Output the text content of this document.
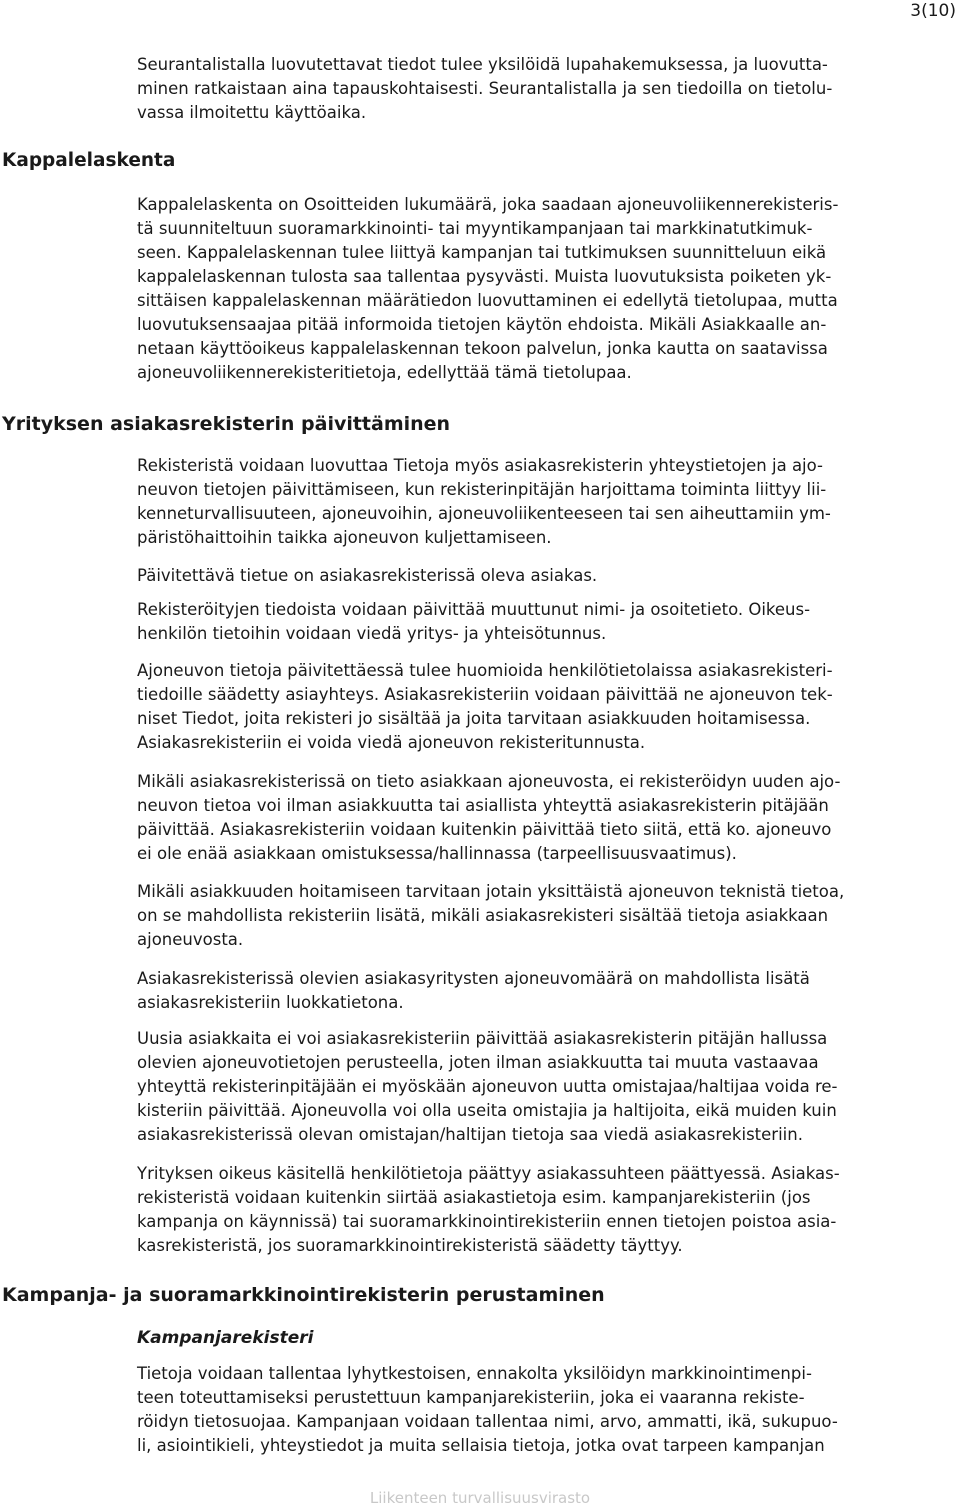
3(10)

Seurantalistalla luovutettavat tiedot tulee yksilöidä lupahakemuksessa, ja luovutta-
minen ratkaistaan aina tapauskohtaisesti. Seurantalistalla ja sen tiedoilla on tietolu-
vassa ilmoitettu käyttöaika.

Kappalelaskenta

Kappalelaskenta on Osoitteiden lukumäärä, joka saadaan ajoneuvoliikennerekisteris-
tä suunniteltuun suoramarkkinointi- tai myyntikampanjaan tai markkinatutkimuk-
seen. Kappalelaskennan tulee liittyä kampanjan tai tutkimuksen suunnitteluun eikä
kappalelaskennan tulosta saa tallentaa pysyvästi. Muista luovutuksista poiketen yk-
sittäisen kappalelaskennan määrätiedon luovuttaminen ei edellytä tietolupaa, mutta
luovutuksensaajaa pitää informoida tietojen käytön ehdoista. Mikäli Asiakkaalle an-
netaan käyttöoikeus kappalelaskennan tekoon palvelun, jonka kautta on saatavissa
ajoneuvoliikennerekisteritietoja, edellyttää tämä tietolupaa.

Yrityksen asiakasrekisterin päivittäminen

Rekisteristä voidaan luovuttaa Tietoja myös asiakasrekisterin yhteystietojen ja ajo-
neuvon tietojen päivittämiseen, kun rekisterinpitäjän harjoittama toiminta liittyy lii-
kenneturvallisuuteen, ajoneuvoihin, ajoneuvoliikenteeseen tai sen aiheuttamiin ym-
päristöhaittoihin taikka ajoneuvon kuljettamiseen.

Päivitettävä tietue on asiakasrekisterissä oleva asiakas.

Rekisteröityjen tiedoista voidaan päivittää muuttunut nimi- ja osoitetieto. Oikeus-
henkilön tietoihin voidaan viedä yritys- ja yhteisötunnus.

Ajoneuvon tietoja päivitettäessä tulee huomioida henkilötietolaissa asiakasrekisteri-
tiedoille säädetty asiayhteys. Asiakasrekisteriin voidaan päivittää ne ajoneuvon tek-
niset Tiedot, joita rekisteri jo sisältää ja joita tarvitaan asiakkuuden hoitamisessa.
Asiakasrekisteriin ei voida viedä ajoneuvon rekisteritunnusta.

Mikäli asiakasrekisterissä on tieto asiakkaan ajoneuvosta, ei rekisteröidyn uuden ajo-
neuvon tietoa voi ilman asiakkuutta tai asiallista yhteyttä asiakasrekisterin pitäjään
päivittää. Asiakasrekisteriin voidaan kuitenkin päivittää tieto siitä, että ko. ajoneuvo
ei ole enää asiakkaan omistuksessa/hallinnassa (tarpeellisuusvaatimus).

Mikäli asiakkuuden hoitamiseen tarvitaan jotain yksittäistä ajoneuvon teknistä tietoa,
on se mahdollista rekisteriin lisätä, mikäli asiakasrekisteri sisältää tietoja asiakkaan
ajoneuvosta.

Asiakasrekisterissä olevien asiakasyritysten ajoneuvomäärä on mahdollista lisätä
asiakasrekisteriin luokkatietona.

Uusia asiakkaita ei voi asiakasrekisteriin päivittää asiakasrekisterin pitäjän hallussa
olevien ajoneuvotietojen perusteella, joten ilman asiakkuutta tai muuta vastaavaa
yhteyttä rekisterinpitäjään ei myöskään ajoneuvon uutta omistajaa/haltijaa voida re-
kisteriin päivittää. Ajoneuvolla voi olla useita omistajia ja haltijoita, eikä muiden kuin
asiakasrekisterissä olevan omistajan/haltijan tietoja saa viedä asiakasrekisteriin.

Yrityksen oikeus käsitellä henkilötietoja päättyy asiakassuhteen päättyessä. Asiakas-
rekisteristä voidaan kuitenkin siirtää asiakastietoja esim. kampanjarekisteriin (jos
kampanja on käynnissä) tai suoramarkkinointirekisteriin ennen tietojen poistoa asia-
kasrekisteristä, jos suoramarkkinointirekisteristä säädetty täyttyy.

Kampanja- ja suoramarkkinointirekisterin perustaminen
Kampanjarekisteri

Tietoja voidaan tallentaa lyhytkestoisen, ennakolta yksilöidyn markkinointimenpi-
teen toteuttamiseksi perustettuun kampanjarekisteriin, joka ei vaaranna rekiste-
röidyn tietosuojaa. Kampanjaan voidaan tallentaa nimi, arvo, ammatti, ikä, sukupuo-
li, asiointikieli, yhteystiedot ja muita sellaisia tietoja, jotka ovat tarpeen kampanjan

Liikenteen turvallisuusvirasto
